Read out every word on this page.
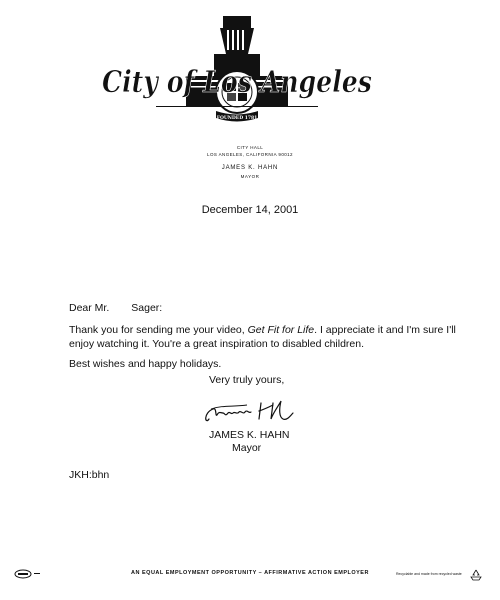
FOUNDED 1781
City of Los Angeles
CITY HALL
LOS ANGELES, CALIFORNIA 90012
JAMES K. HAHN
MAYOR
December 14, 2001
Dear Mr. Sager:
Thank you for sending me your video, Get Fit for Life. I appreciate it and I'm sure I'll enjoy watching it. You're a great inspiration to disabled children.
Best wishes and happy holidays.
Very truly yours,
JAMES K. HAHN
Mayor
JKH:bhn
AN EQUAL EMPLOYMENT OPPORTUNITY – AFFIRMATIVE ACTION EMPLOYER	Recyclable and made from recycled waste
